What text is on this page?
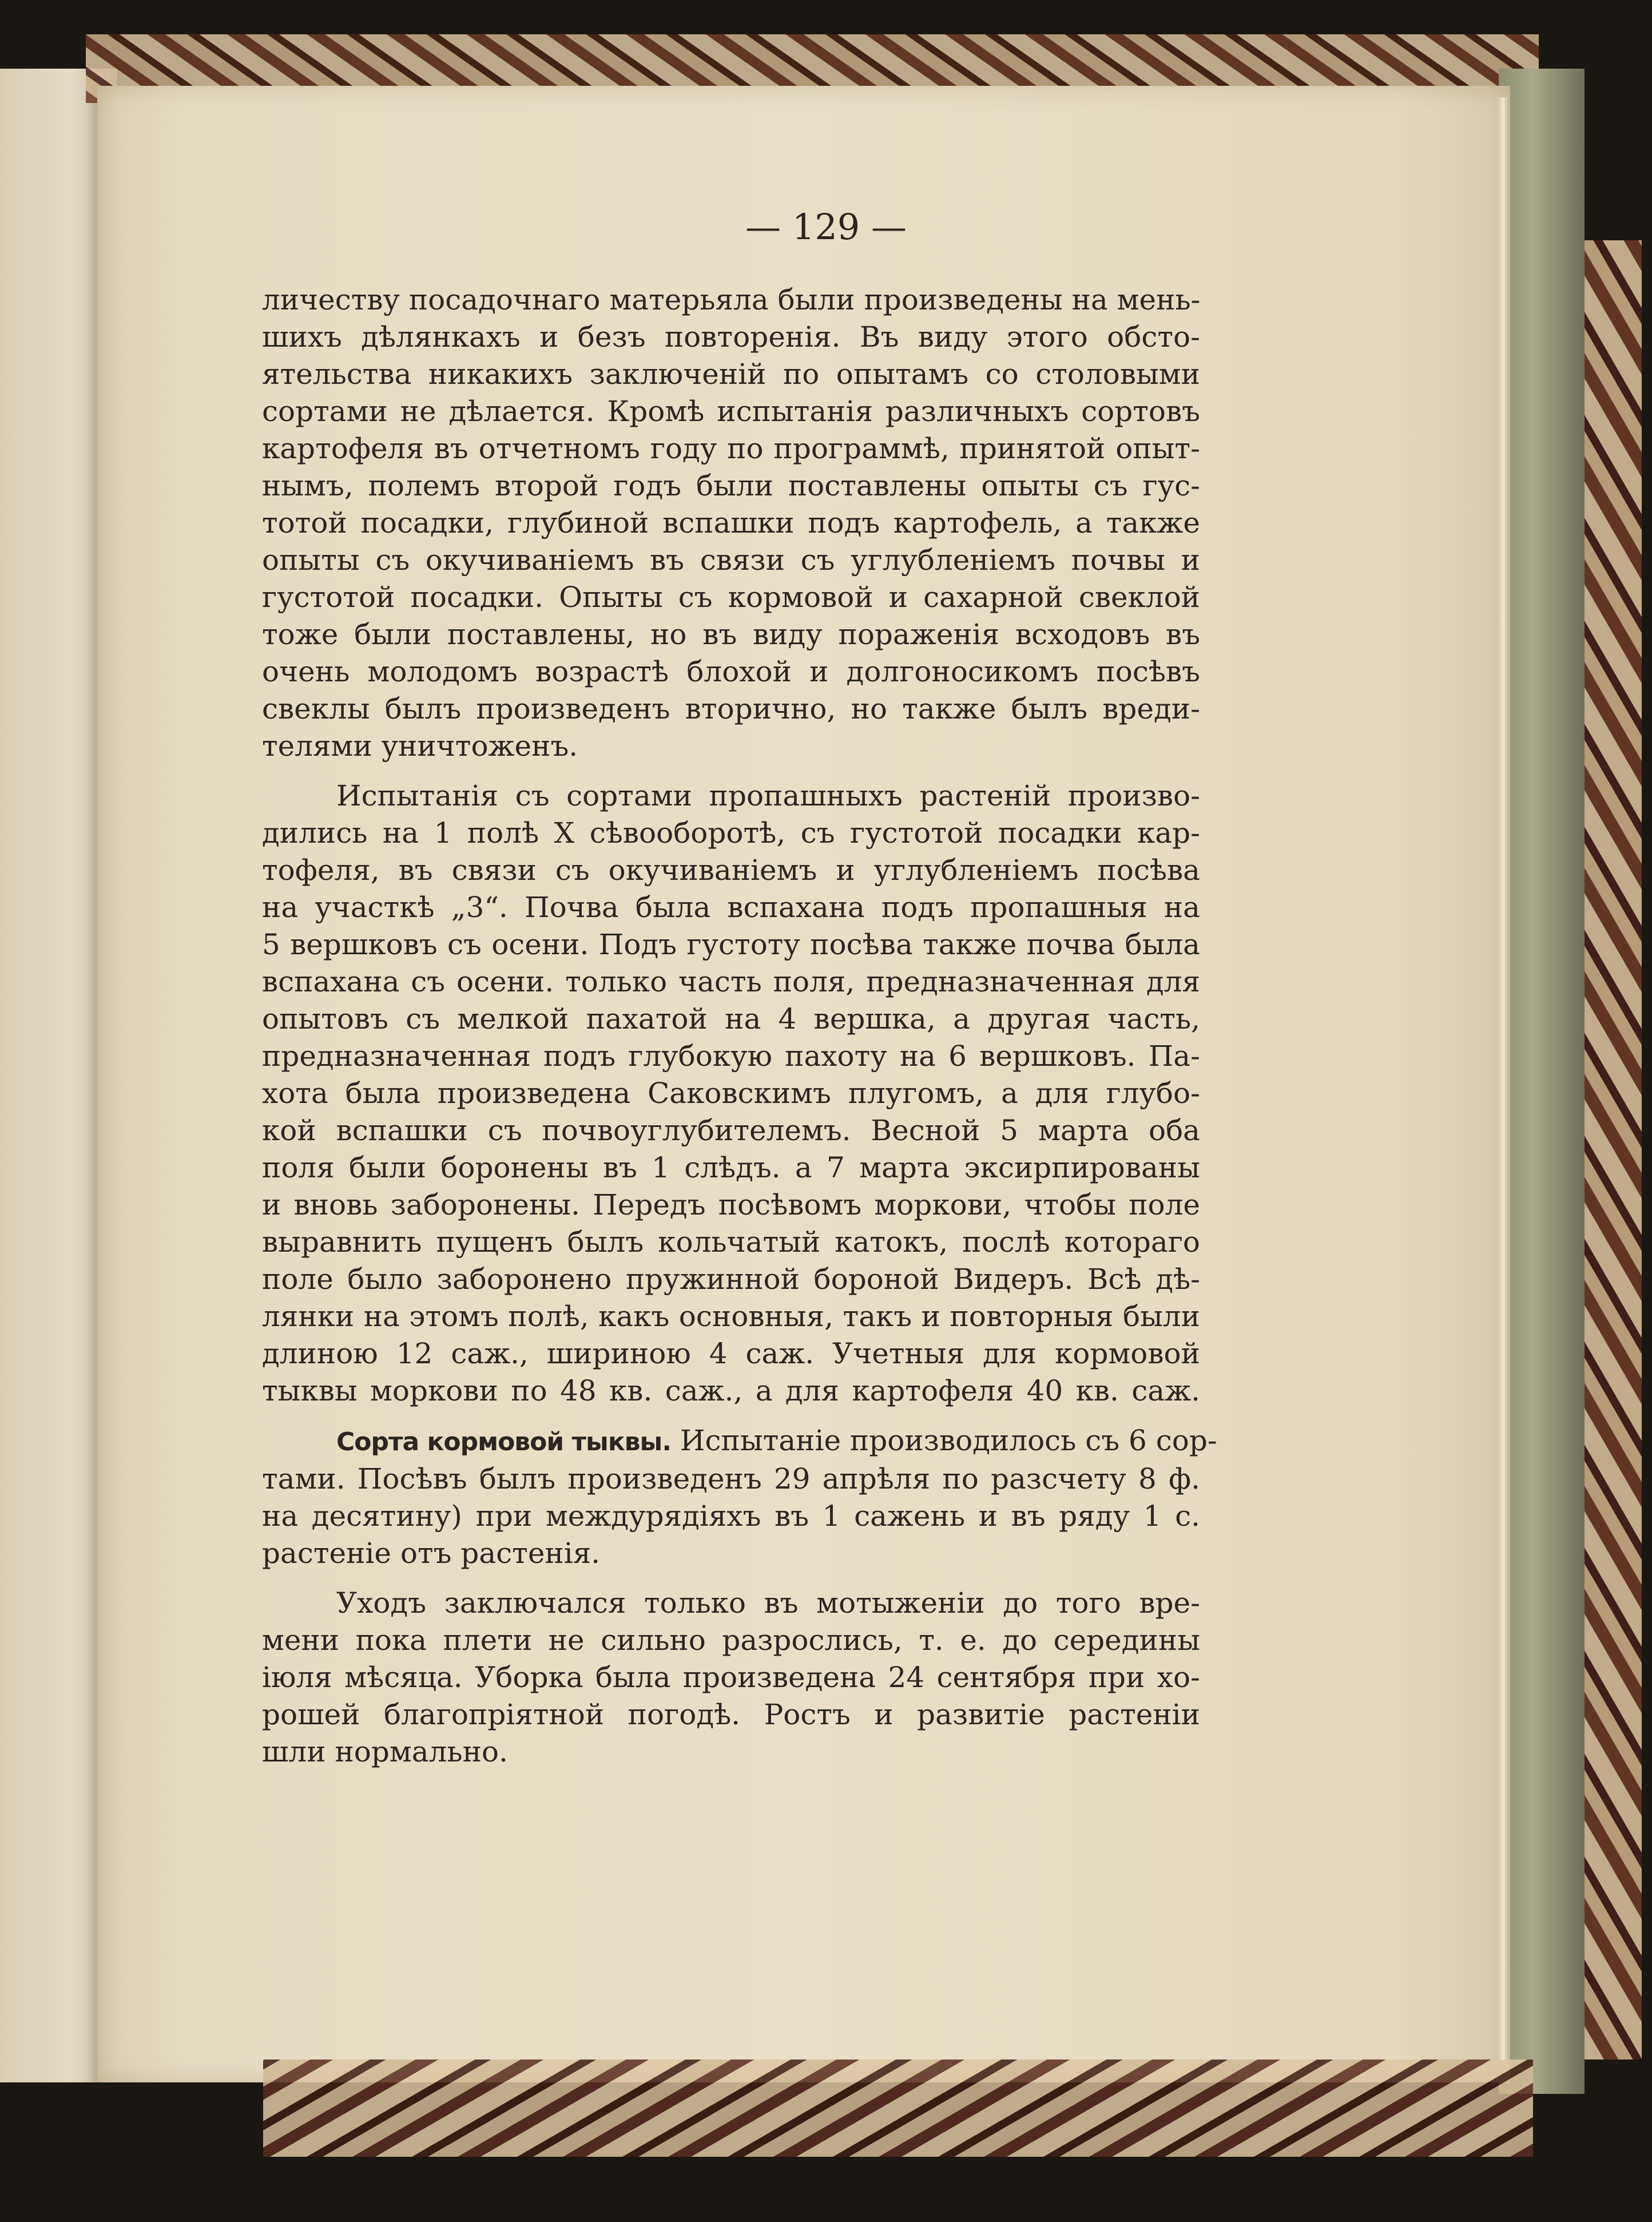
— 129 —
личеству посадочнаго матерьяла были произведены на мень-
шихъ дѣлянкахъ и безъ повторенія. Въ виду этого обсто-
ятельства никакихъ заключеній по опытамъ со столовыми
сортами не дѣлается. Кромѣ испытанія различныхъ сортовъ
картофеля въ отчетномъ году по программѣ, принятой опыт-
нымъ, полемъ второй годъ были поставлены опыты съ гус-
тотой посадки, глубиной вспашки подъ картофель, а также
опыты съ окучиваніемъ въ связи съ углубленіемъ почвы и
густотой посадки. Опыты съ кормовой и сахарной свеклой
тоже были поставлены, но въ виду пораженія всходовъ въ
очень молодомъ возрастѣ блохой и долгоносикомъ посѣвъ
свеклы былъ произведенъ вторично, но также былъ вреди-
телями уничтоженъ.
Испытанія съ сортами пропашныхъ растеній произво-
дились на 1 полѣ X сѣвооборотѣ, съ густотой посадки кар-
тофеля, въ связи съ окучиваніемъ и углубленіемъ посѣва
на участкѣ „3“. Почва была вспахана подъ пропашныя на
5 вершковъ съ осени. Подъ густоту посѣва также почва была
вспахана съ осени. только часть поля, предназначенная для
опытовъ съ мелкой пахатой на 4 вершка, а другая часть,
предназначенная подъ глубокую пахоту на 6 вершковъ. Па-
хота была произведена Саковскимъ плугомъ, а для глубо-
кой вспашки съ почвоуглубителемъ. Весной 5 марта оба
поля были боронены въ 1 слѣдъ. а 7 марта эксирпированы
и вновь заборонены. Передъ посѣвомъ моркови, чтобы поле
выравнить пущенъ былъ кольчатый катокъ, послѣ котораго
поле было заборонено пружинной бороной Видеръ. Всѣ дѣ-
лянки на этомъ полѣ, какъ основныя, такъ и повторныя были
длиною 12 саж., шириною 4 саж. Учетныя для кормовой
тыквы моркови по 48 кв. саж., а для картофеля 40 кв. саж.
Сорта кормовой тыквы. Испытаніе производилось съ 6 сор-
тами. Посѣвъ былъ произведенъ 29 апрѣля по разсчету 8 ф.
на десятину) при междурядіяхъ въ 1 сажень и въ ряду 1 с.
растеніе отъ растенія.
Уходъ заключался только въ мотыженіи до того вре-
мени пока плети не сильно разрослись, т. е. до середины
іюля мѣсяца. Уборка была произведена 24 сентября при хо-
рошей благопріятной погодѣ. Ростъ и развитіе растеніи
шли нормально.
